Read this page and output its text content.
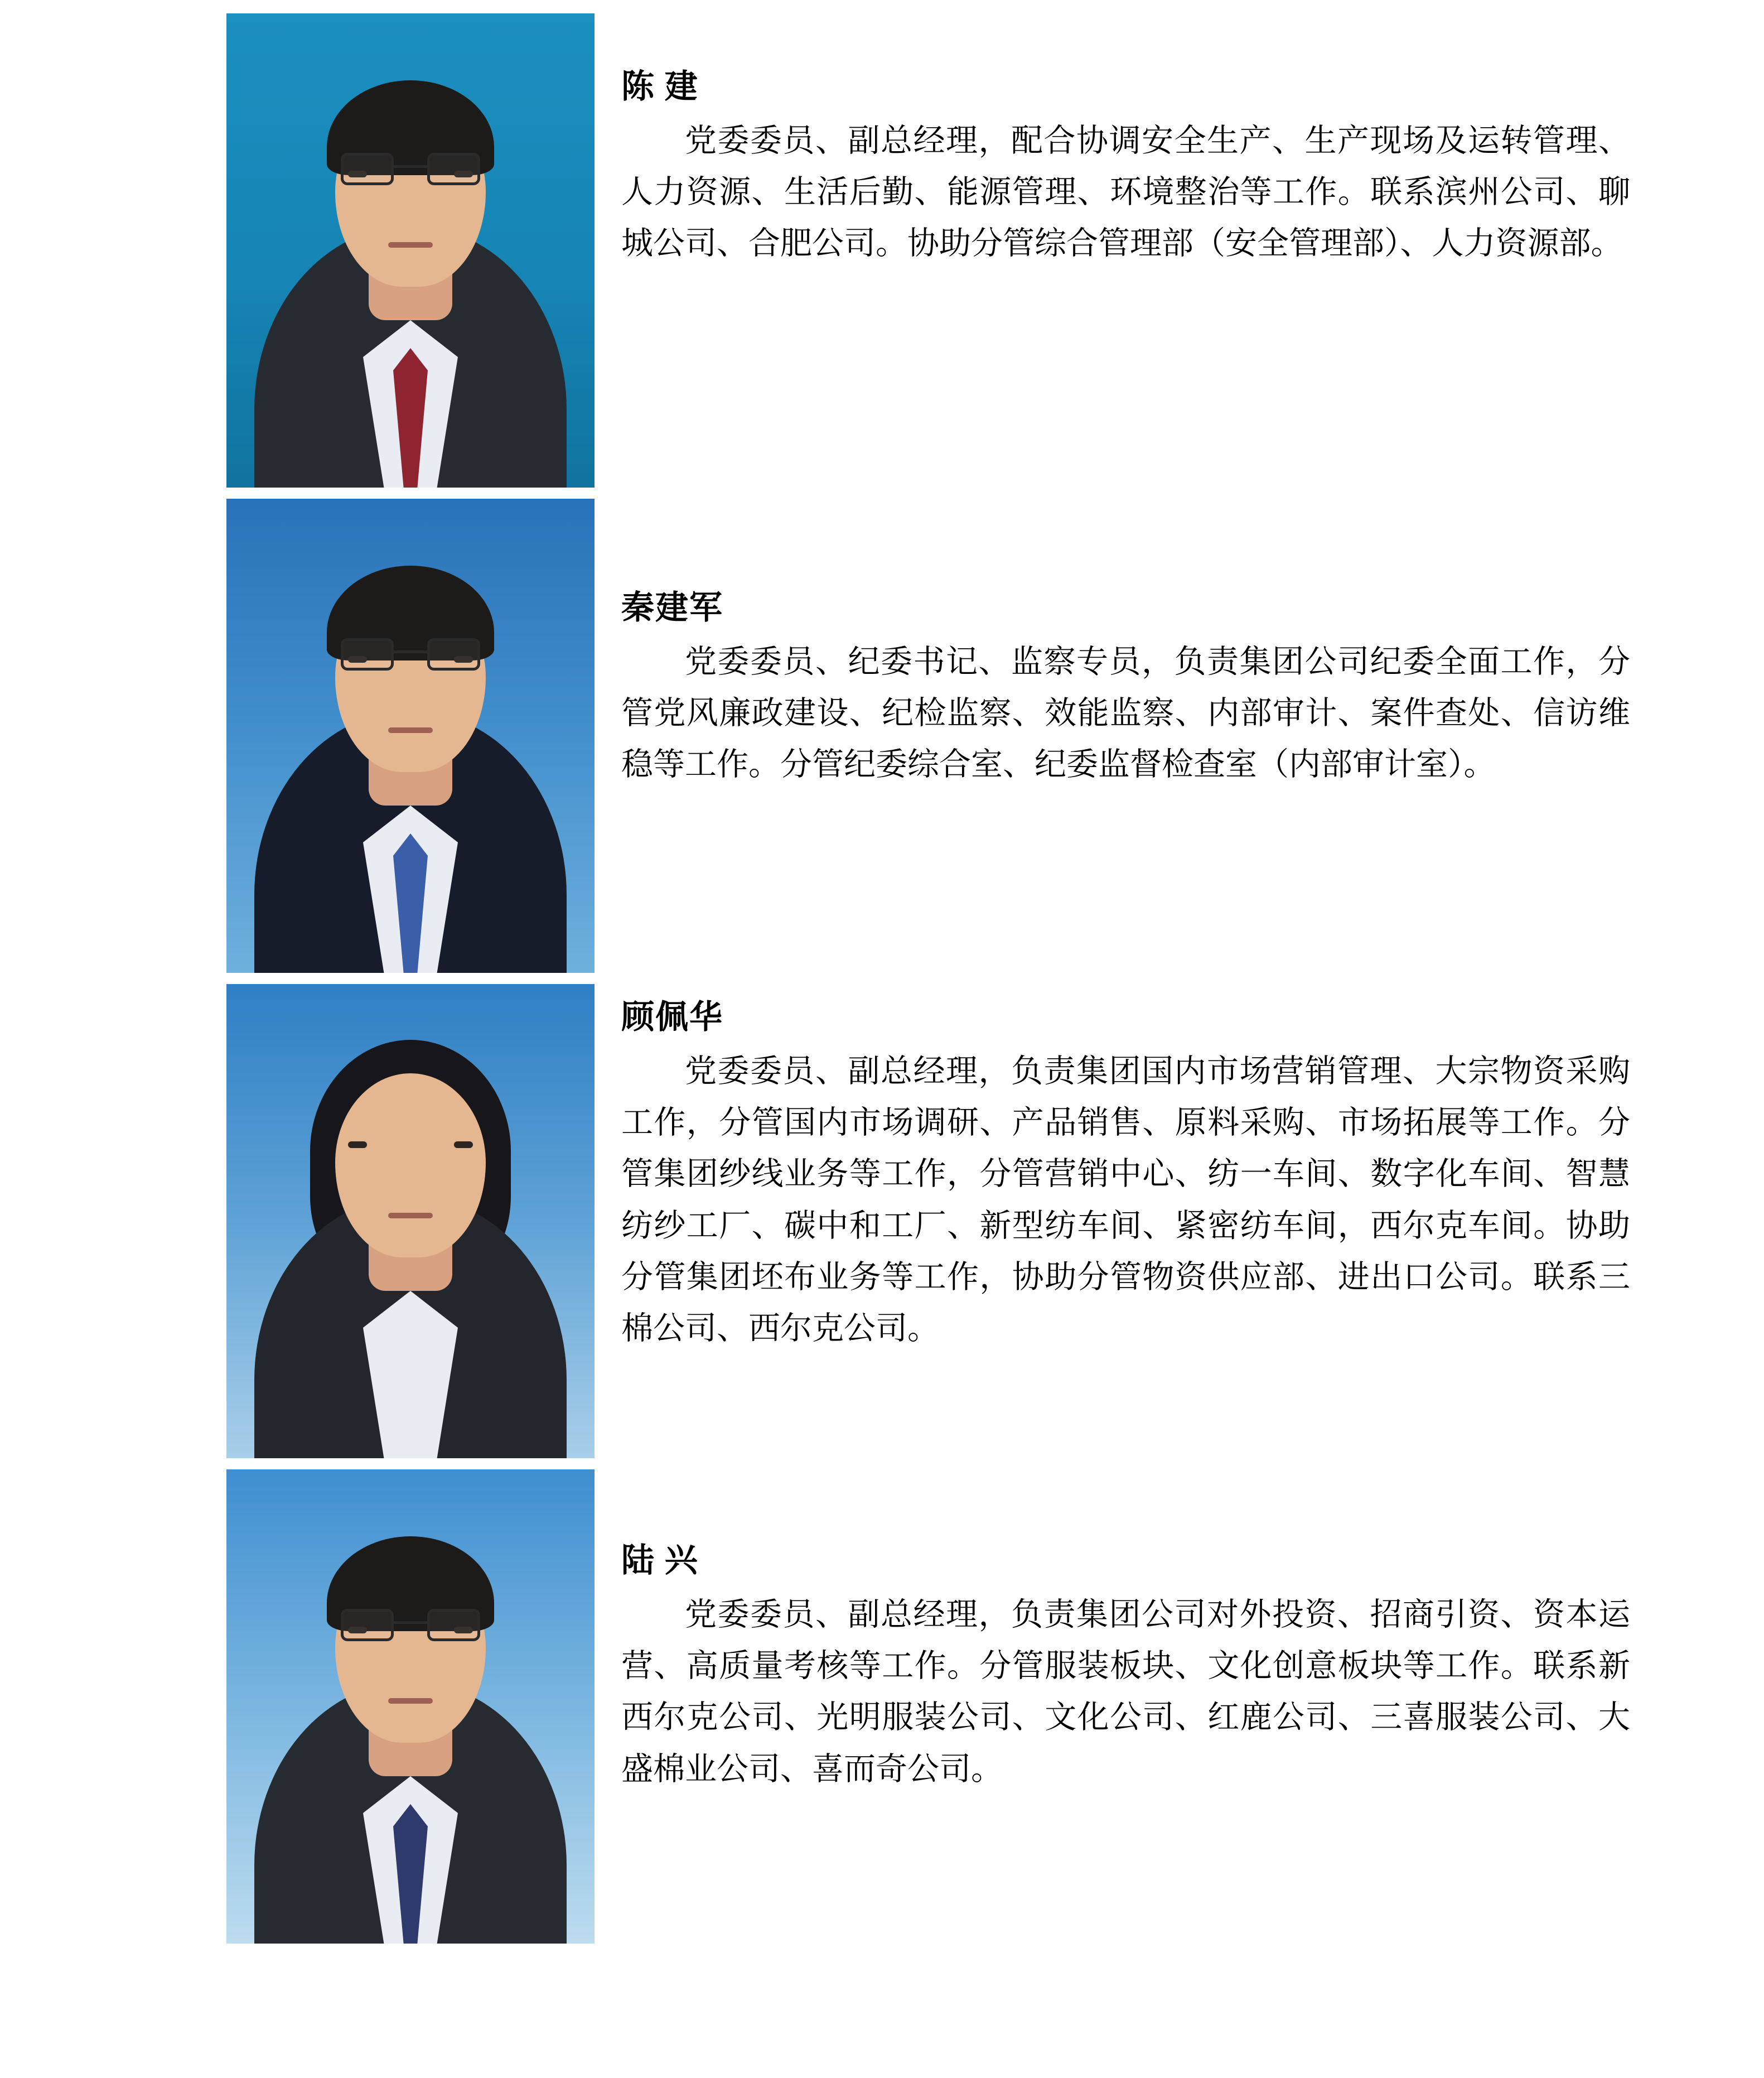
陈 建

党委委员、副总经理，配合协调安全生产、生产现场及运转管理、人力资源、生活后勤、能源管理、环境整治等工作。联系滨州公司、聊城公司、合肥公司。协助分管综合管理部（安全管理部）、人力资源部。

秦建军

党委委员、纪委书记、监察专员，负责集团公司纪委全面工作，分管党风廉政建设、纪检监察、效能监察、内部审计、案件查处、信访维稳等工作。分管纪委综合室、纪委监督检查室（内部审计室）。

顾佩华

党委委员、副总经理，负责集团国内市场营销管理、大宗物资采购工作，分管国内市场调研、产品销售、原料采购、市场拓展等工作。分管集团纱线业务等工作，分管营销中心、纺一车间、数字化车间、智慧纺纱工厂、碳中和工厂、新型纺车间、紧密纺车间，西尔克车间。协助分管集团坯布业务等工作，协助分管物资供应部、进出口公司。联系三棉公司、西尔克公司。

陆 兴

党委委员、副总经理，负责集团公司对外投资、招商引资、资本运营、高质量考核等工作。分管服装板块、文化创意板块等工作。联系新西尔克公司、光明服装公司、文化公司、红鹿公司、三喜服装公司、大盛棉业公司、喜而奇公司。
